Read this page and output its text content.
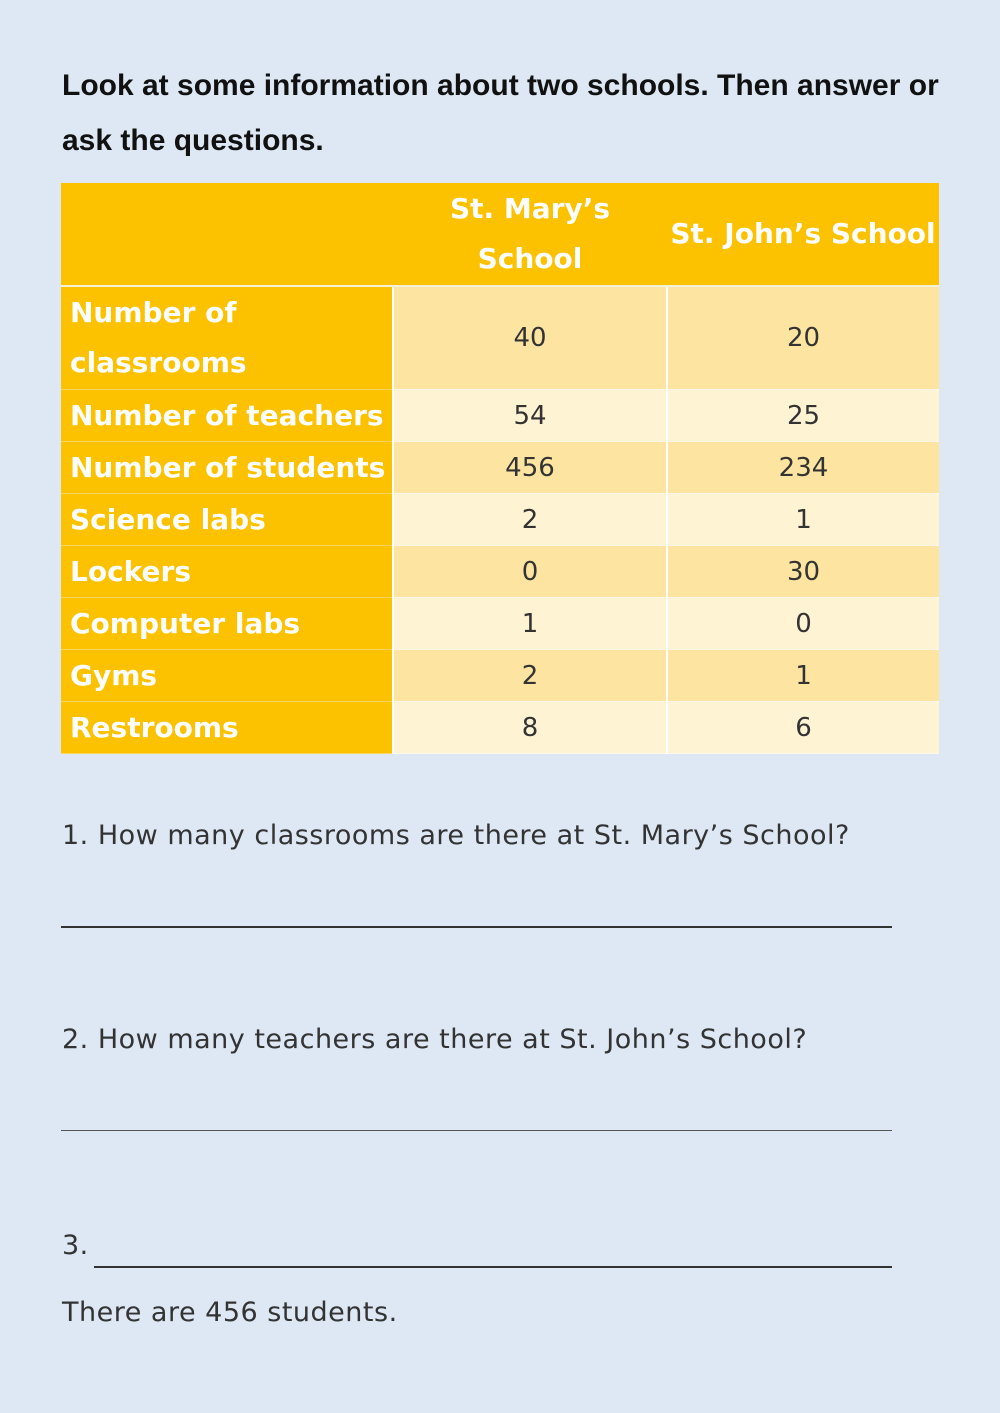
Look at some information about two schools. Then answer or ask the questions.
	St. Mary’s School	St. John’s School
Number of classrooms	40	20
Number of teachers	54	25
Number of students	456	234
Science labs	2	1
Lockers	0	30
Computer labs	1	0
Gyms	2	1
Restrooms	8	6
1. How many classrooms are there at St. Mary’s School?
2. How many teachers are there at St. John’s School?
3.
There are 456 students.
